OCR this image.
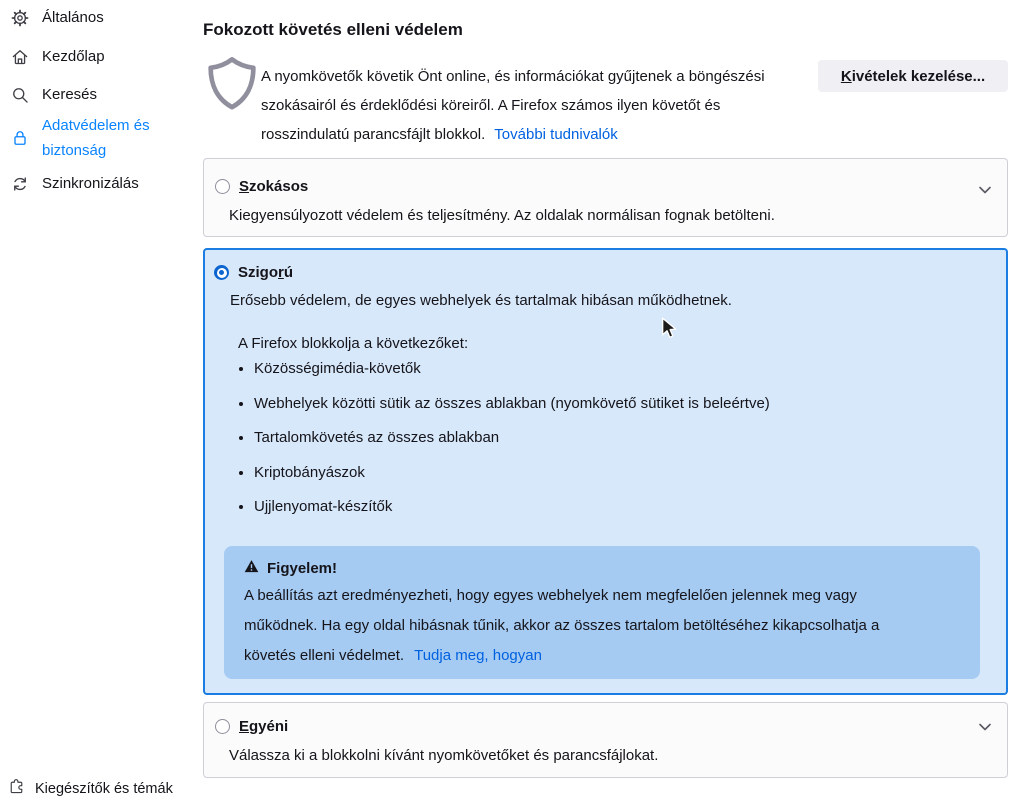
Általános
Kezdőlap
Keresés
Adatvédelem és biztonság
Szinkronizálás
Kiegészítők és témák
Fokozott követés elleni védelem
A nyomkövetők követik Önt online, és információkat gyűjtenek a böngészési szokásairól és érdeklődési köreiről. A Firefox számos ilyen követőt és rosszindulatú parancsfájlt blokkol. További tudnivalók
Kivételek kezelése...
Szokásos
Kiegyensúlyozott védelem és teljesítmény. Az oldalak normálisan fognak betölteni.
Szigorú
Erősebb védelem, de egyes webhelyek és tartalmak hibásan működhetnek.
A Firefox blokkolja a következőket:
• Közösségimédia-követők
• Webhelyek közötti sütik az összes ablakban (nyomkövető sütiket is beleértve)
• Tartalomkövetés az összes ablakban
• Kriptobányászok
• Ujjlenyomat-készítők
Figyelem!
A beállítás azt eredményezheti, hogy egyes webhelyek nem megfelelően jelennek meg vagy működnek. Ha egy oldal hibásnak tűnik, akkor az összes tartalom betöltéséhez kikapcsolhatja a követés elleni védelmet. Tudja meg, hogyan
Egyéni
Válassza ki a blokkolni kívánt nyomkövetőket és parancsfájlokat.
